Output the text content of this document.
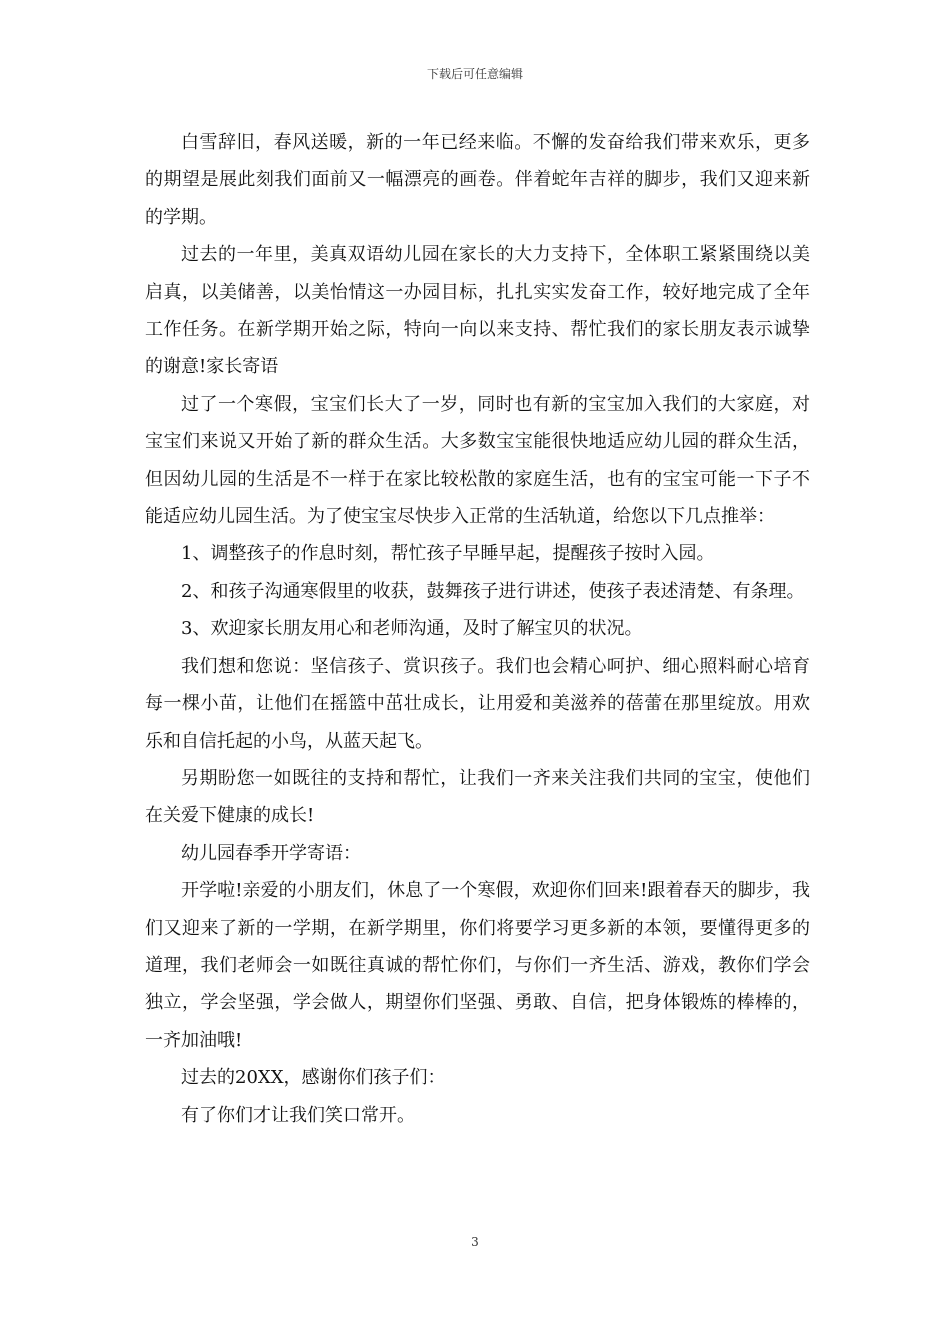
下载后可任意编辑

白雪辞旧，春风送暖，新的一年已经来临。不懈的发奋给我们带来欢乐，更多的期望是展此刻我们面前又一幅漂亮的画卷。伴着蛇年吉祥的脚步，我们又迎来新的学期。

过去的一年里，美真双语幼儿园在家长的大力支持下，全体职工紧紧围绕以美启真，以美储善，以美怡情这一办园目标，扎扎实实发奋工作，较好地完成了全年工作任务。在新学期开始之际，特向一向以来支持、帮忙我们的家长朋友表示诚挚的谢意!家长寄语

过了一个寒假，宝宝们长大了一岁，同时也有新的宝宝加入我们的大家庭，对宝宝们来说又开始了新的群众生活。大多数宝宝能很快地适应幼儿园的群众生活，但因幼儿园的生活是不一样于在家比较松散的家庭生活，也有的宝宝可能一下子不能适应幼儿园生活。为了使宝宝尽快步入正常的生活轨道，给您以下几点推举：

1、调整孩子的作息时刻，帮忙孩子早睡早起，提醒孩子按时入园。

2、和孩子沟通寒假里的收获，鼓舞孩子进行讲述，使孩子表述清楚、有条理。

3、欢迎家长朋友用心和老师沟通，及时了解宝贝的状况。

我们想和您说：坚信孩子、赏识孩子。我们也会精心呵护、细心照料耐心培育每一棵小苗，让他们在摇篮中茁壮成长，让用爱和美滋养的蓓蕾在那里绽放。用欢乐和自信托起的小鸟，从蓝天起飞。

另期盼您一如既往的支持和帮忙，让我们一齐来关注我们共同的宝宝，使他们在关爱下健康的成长!

幼儿园春季开学寄语：

开学啦!亲爱的小朋友们，休息了一个寒假，欢迎你们回来!跟着春天的脚步，我们又迎来了新的一学期，在新学期里，你们将要学习更多新的本领，要懂得更多的道理，我们老师会一如既往真诚的帮忙你们，与你们一齐生活、游戏，教你们学会独立，学会坚强，学会做人，期望你们坚强、勇敢、自信，把身体锻炼的棒棒的，一齐加油哦!

过去的20XX，感谢你们孩子们：

有了你们才让我们笑口常开。

3
